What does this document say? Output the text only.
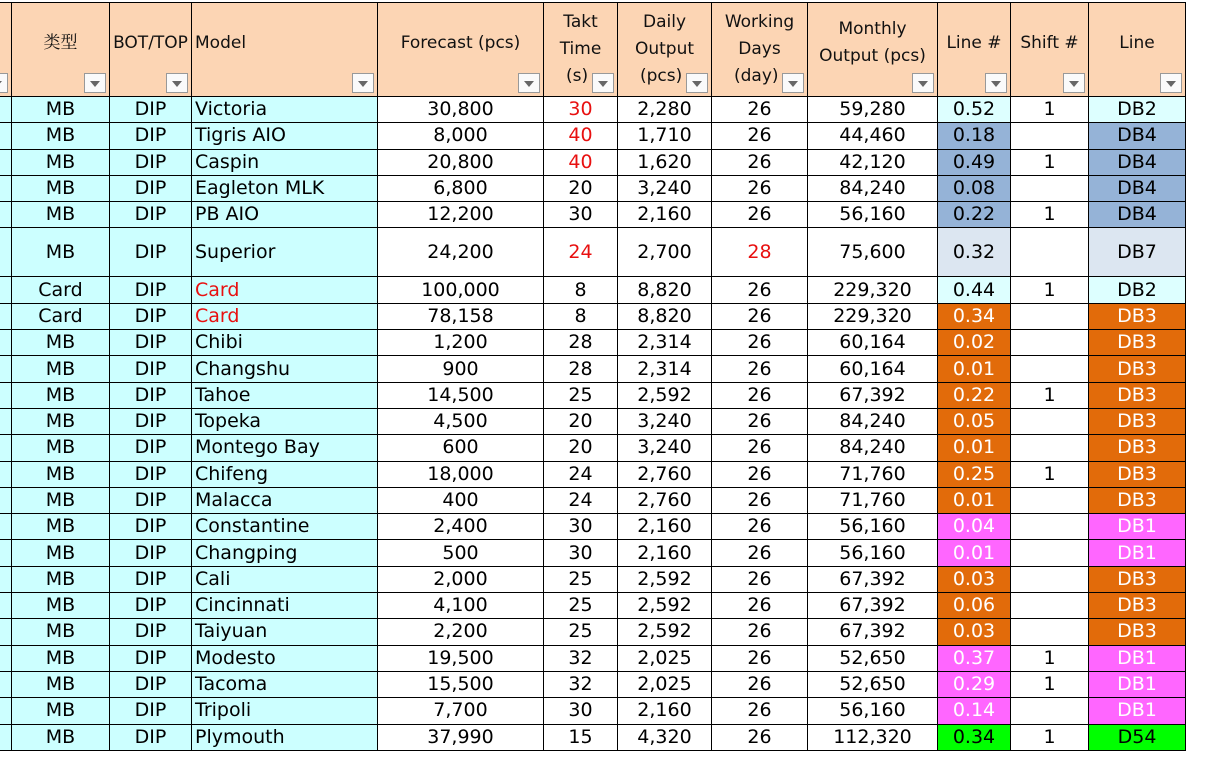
	类型	BOT/TOP	Model	Forecast (pcs)	Takt
Time
(s)	Daily
Output
(pcs)	Working
Days
(day)	Monthly
Output (pcs)	Line #	Shift #	Line

	MB	DIP	Victoria	30,800	30	2,280	26	59,280	0.52	1	DB2
	MB	DIP	Tigris AIO	8,000	40	1,710	26	44,460	0.18		DB4
	MB	DIP	Caspin	20,800	40	1,620	26	42,120	0.49	1	DB4
	MB	DIP	Eagleton MLK	6,800	20	3,240	26	84,240	0.08		DB4
	MB	DIP	PB AIO	12,200	30	2,160	26	56,160	0.22	1	DB4
	MB	DIP	Superior	24,200	24	2,700	28	75,600	0.32		DB7
	Card	DIP	Card	100,000	8	8,820	26	229,320	0.44	1	DB2
	Card	DIP	Card	78,158	8	8,820	26	229,320	0.34		DB3
	MB	DIP	Chibi	1,200	28	2,314	26	60,164	0.02		DB3
	MB	DIP	Changshu	900	28	2,314	26	60,164	0.01		DB3
	MB	DIP	Tahoe	14,500	25	2,592	26	67,392	0.22	1	DB3
	MB	DIP	Topeka	4,500	20	3,240	26	84,240	0.05		DB3
	MB	DIP	Montego Bay	600	20	3,240	26	84,240	0.01		DB3
	MB	DIP	Chifeng	18,000	24	2,760	26	71,760	0.25	1	DB3
	MB	DIP	Malacca	400	24	2,760	26	71,760	0.01		DB3
	MB	DIP	Constantine	2,400	30	2,160	26	56,160	0.04		DB1
	MB	DIP	Changping	500	30	2,160	26	56,160	0.01		DB1
	MB	DIP	Cali	2,000	25	2,592	26	67,392	0.03		DB3
	MB	DIP	Cincinnati	4,100	25	2,592	26	67,392	0.06		DB3
	MB	DIP	Taiyuan	2,200	25	2,592	26	67,392	0.03		DB3
	MB	DIP	Modesto	19,500	32	2,025	26	52,650	0.37	1	DB1
	MB	DIP	Tacoma	15,500	32	2,025	26	52,650	0.29	1	DB1
	MB	DIP	Tripoli	7,700	30	2,160	26	56,160	0.14		DB1
	MB	DIP	Plymouth	37,990	15	4,320	26	112,320	0.34	1	D54
